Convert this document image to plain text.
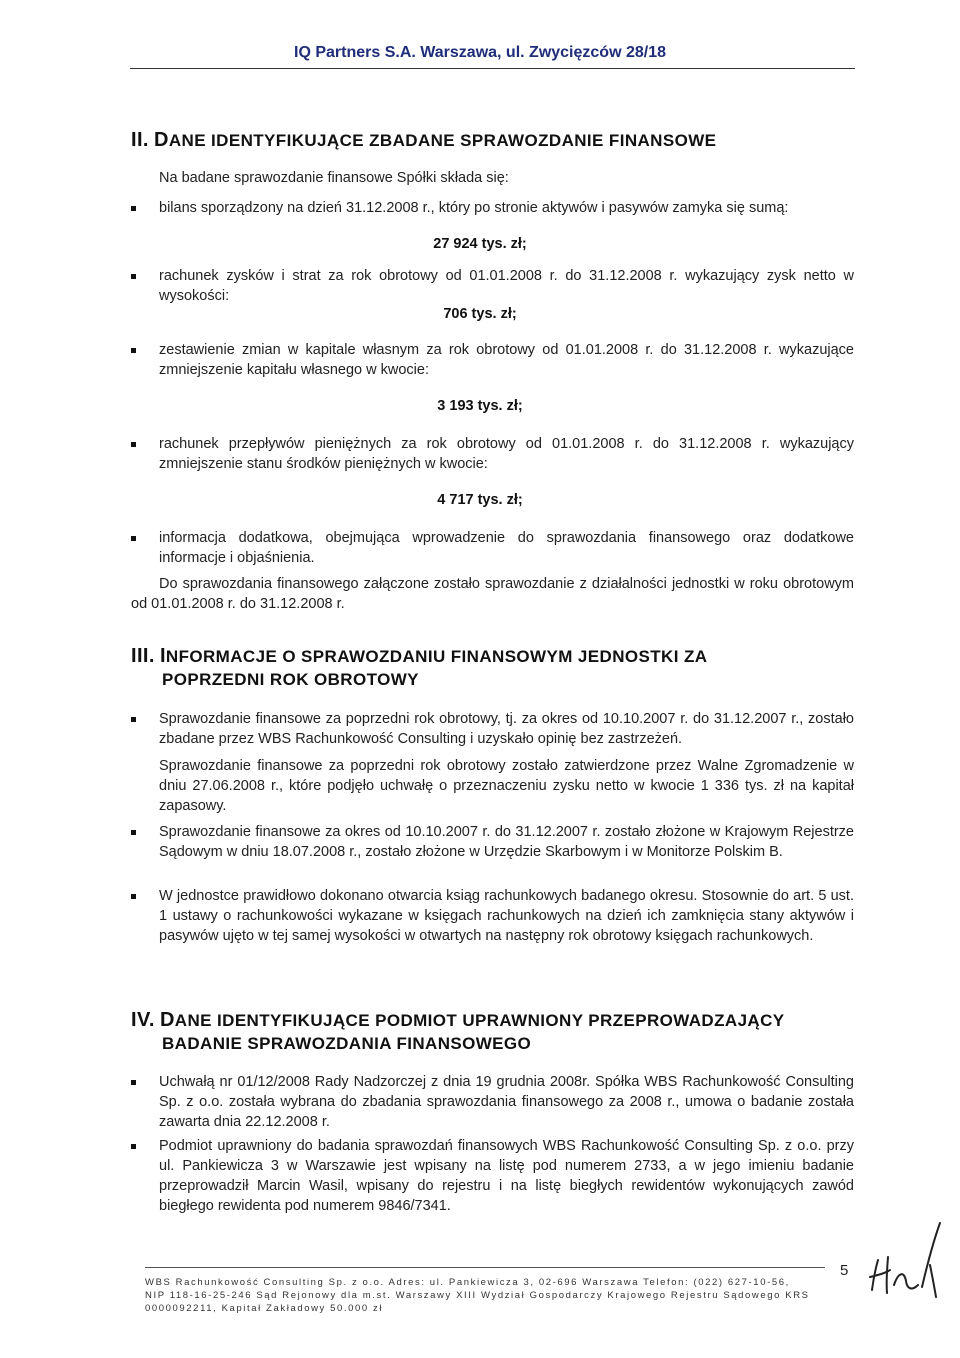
IQ Partners S.A. Warszawa, ul. Zwycięzców 28/18
II. DANE IDENTYFIKUJĄCE ZBADANE SPRAWOZDANIE FINANSOWE
Na badane sprawozdanie finansowe Spółki składa się:
bilans sporządzony na dzień 31.12.2008 r., który po stronie aktywów i pasywów zamyka się sumą:
27 924 tys. zł;
rachunek zysków i strat za rok obrotowy od 01.01.2008 r. do 31.12.2008 r. wykazujący zysk netto w wysokości:
706 tys. zł;
zestawienie zmian w kapitale własnym za rok obrotowy od 01.01.2008 r. do 31.12.2008 r. wykazujące zmniejszenie kapitału własnego w kwocie:
3 193 tys. zł;
rachunek przepływów pieniężnych za rok obrotowy od 01.01.2008 r. do 31.12.2008 r. wykazujący zmniejszenie stanu środków pieniężnych w kwocie:
4 717 tys. zł;
informacja dodatkowa, obejmująca wprowadzenie do sprawozdania finansowego oraz dodatkowe informacje i objaśnienia.
Do sprawozdania finansowego załączone zostało sprawozdanie z działalności jednostki w roku obrotowym od 01.01.2008 r. do 31.12.2008 r.
III. INFORMACJE O SPRAWOZDANIU FINANSOWYM JEDNOSTKI ZA
POPRZEDNI ROK OBROTOWY
Sprawozdanie finansowe za poprzedni rok obrotowy, tj. za okres od 10.10.2007 r. do 31.12.2007 r., zostało zbadane przez WBS Rachunkowość Consulting i uzyskało opinię bez zastrzeżeń.
Sprawozdanie finansowe za poprzedni rok obrotowy zostało zatwierdzone przez Walne Zgromadzenie w dniu 27.06.2008 r., które podjęło uchwałę o przeznaczeniu zysku netto w kwocie 1 336 tys. zł na kapitał zapasowy.
Sprawozdanie finansowe za okres od 10.10.2007 r. do 31.12.2007 r. zostało złożone w Krajowym Rejestrze Sądowym w dniu 18.07.2008 r., zostało złożone w Urzędzie Skarbowym i w Monitorze Polskim B.
W jednostce prawidłowo dokonano otwarcia ksiąg rachunkowych badanego okresu. Stosownie do art. 5 ust. 1 ustawy o rachunkowości wykazane w księgach rachunkowych na dzień ich zamknięcia stany aktywów i pasywów ujęto w tej samej wysokości w otwartych na następny rok obrotowy księgach rachunkowych.
IV. DANE IDENTYFIKUJĄCE PODMIOT UPRAWNIONY PRZEPROWADZAJĄCY
BADANIE SPRAWOZDANIA FINANSOWEGO
Uchwałą nr 01/12/2008 Rady Nadzorczej z dnia 19 grudnia 2008r. Spółka WBS Rachunkowość Consulting Sp. z o.o. została wybrana do zbadania sprawozdania finansowego za 2008 r., umowa o badanie została zawarta dnia 22.12.2008 r.
Podmiot uprawniony do badania sprawozdań finansowych WBS Rachunkowość Consulting Sp. z o.o. przy ul. Pankiewicza 3 w Warszawie jest wpisany na listę pod numerem 2733, a w jego imieniu badanie przeprowadził Marcin Wasil, wpisany do rejestru i na listę biegłych rewidentów wykonujących zawód biegłego rewidenta pod numerem 9846/7341.
5
WBS Rachunkowość Consulting Sp. z o.o. Adres: ul. Pankiewicza 3, 02-696 Warszawa Telefon: (022) 627-10-56,
NIP 118-16-25-246 Sąd Rejonowy dla m.st. Warszawy XIII Wydział Gospodarczy Krajowego Rejestru Sądowego KRS
0000092211, Kapitał Zakładowy 50.000 zł
